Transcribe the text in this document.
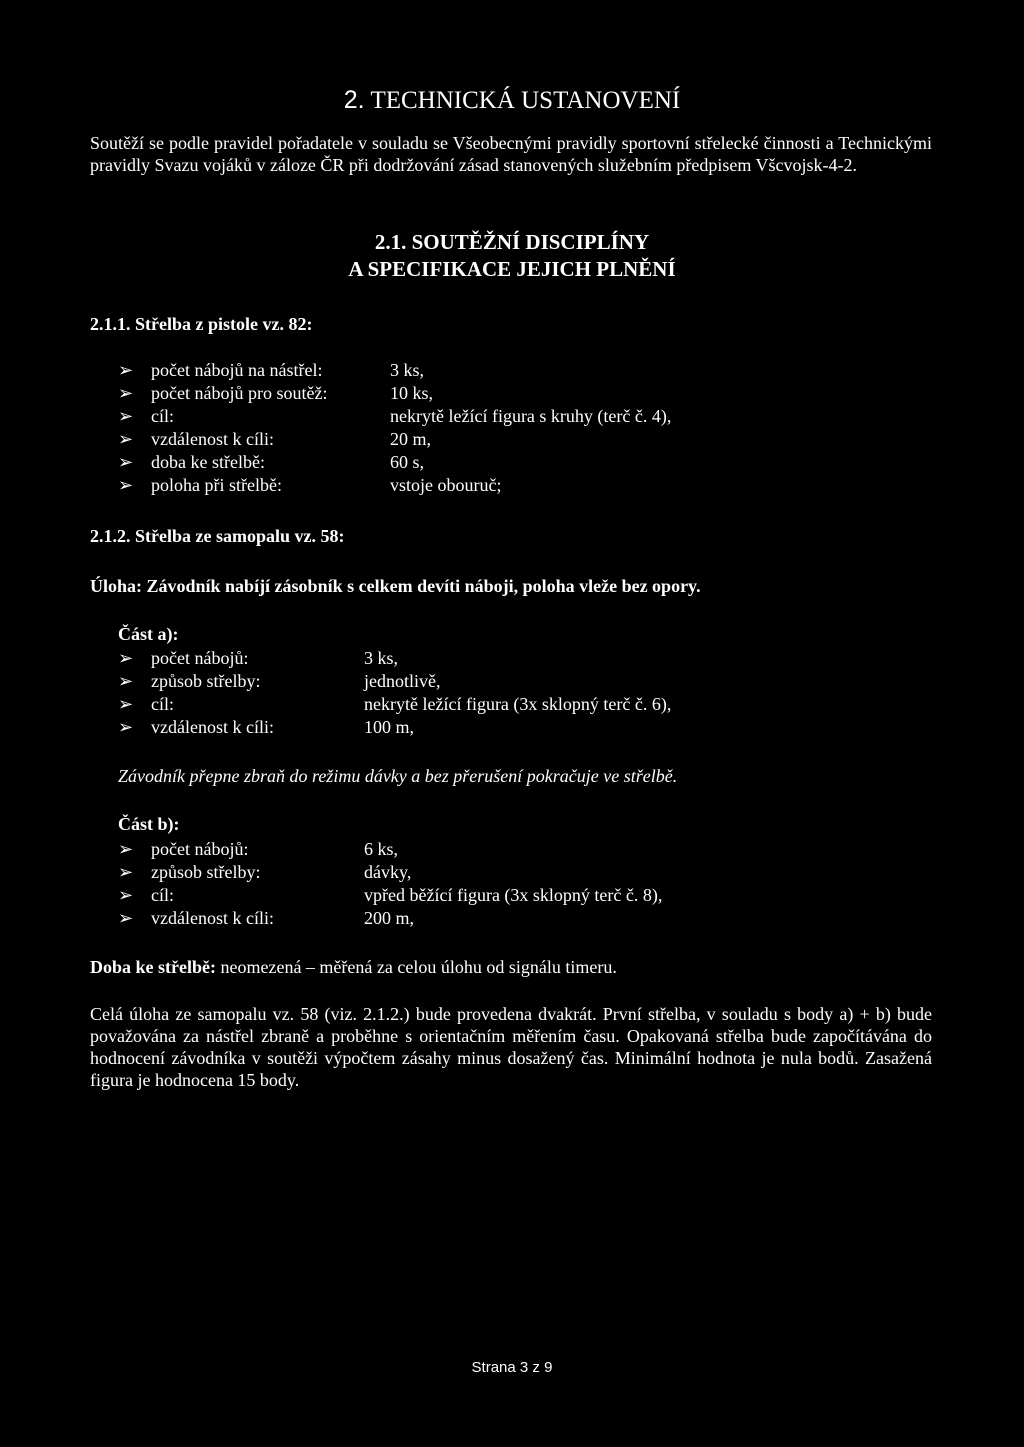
2. TECHNICKÁ USTANOVENÍ
Soutěží se podle pravidel pořadatele v souladu se Všeobecnými pravidly sportovní střelecké činnosti a Technickými pravidly Svazu vojáků v záloze ČR při dodržování zásad stanovených služebním předpisem Všcvojsk-4-2.
2.1. SOUTĚŽNÍ DISCIPLÍNY
A SPECIFIKACE JEJICH PLNĚNÍ
2.1.1. Střelba z pistole vz. 82:
➢ počet nábojů na nástřel:	3 ks,
➢ počet nábojů pro soutěž:	10 ks,
➢ cíl:	nekrytě ležící figura s kruhy (terč č. 4),
➢ vzdálenost k cíli:	20 m,
➢ doba ke střelbě:	60 s,
➢ poloha při střelbě:	vstoje obouruč;
2.1.2. Střelba ze samopalu vz. 58:
Úloha: Závodník nabíjí zásobník s celkem devíti náboji, poloha vleže bez opory.
Část a):
➢ počet nábojů:	3 ks,
➢ způsob střelby:	jednotlivě,
➢ cíl:	nekrytě ležící figura (3x sklopný terč č. 6),
➢ vzdálenost k cíli:	100 m,
Závodník přepne zbraň do režimu dávky a bez přerušení pokračuje ve střelbě.
Část b):
➢ počet nábojů:	6 ks,
➢ způsob střelby:	dávky,
➢ cíl:	vpřed běžící figura (3x sklopný terč č. 8),
➢ vzdálenost k cíli:	200 m,
Doba ke střelbě: neomezená – měřená za celou úlohu od signálu timeru.
Celá úloha ze samopalu vz. 58 (viz. 2.1.2.) bude provedena dvakrát. První střelba, v souladu s body a) + b) bude považována za nástřel zbraně a proběhne s orientačním měřením času. Opakovaná střelba bude započítávána do hodnocení závodníka v soutěži výpočtem zásahy minus dosažený čas. Minimální hodnota je nula bodů. Zasažená figura je hodnocena 15 body.
Strana 3 z 9
